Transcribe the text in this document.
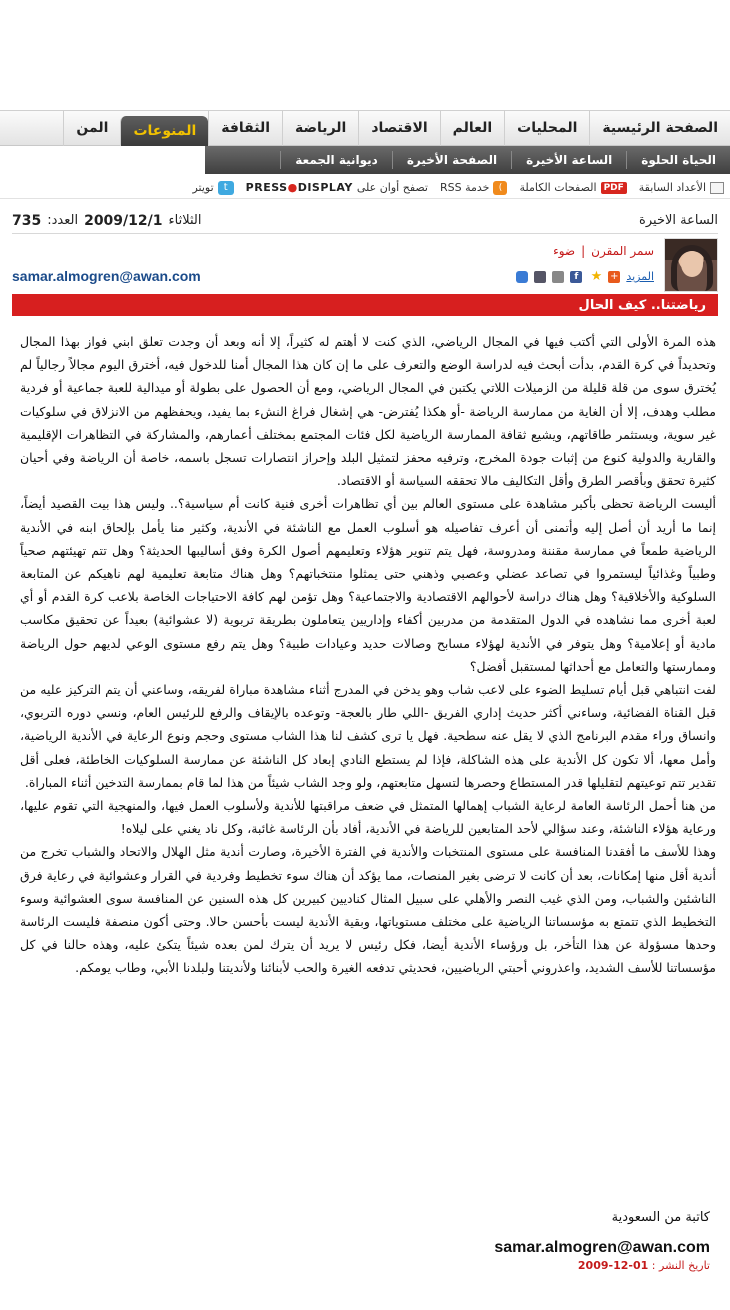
الصفحة الرئيسية
المحليات
العالم
الاقتصاد
الرياضة
الثقافة
المنوعات
المن
الحياة الحلوة
الساعة الأخيرة
الصفحة الأخيرة
ديوانية الجمعة
الأعداد السابقة
PDF
الصفحات الكاملة
)
خدمة RSS
تصفح أوان على
PRESS●DISPLAY
t
تويتر
الثلاثاء
2009/12/1
العدد:
735	الساعة الاخيرة
سمر المقرن
|
ضوء
المزيد
+
★
f
samar.almogren@awan.com
رياضتنا.. كيف الحال

هذه المرة الأولى التي أكتب فيها في المجال الرياضي، الذي كنت لا أهتم له كثيراً، إلا أنه وبعد أن وجدت تعلق ابني فواز بهذا المجال وتحديداً في كرة القدم، بدأت أبحث فيه لدراسة الوضع والتعرف على ما إن كان هذا المجال أمنا للدخول فيه، أخترق اليوم مجالاً رجالياً لم يُخترق سوى من قلة قليلة من الزميلات اللاتي يكتبن في المجال الرياضي، ومع أن الحصول على بطولة أو ميدالية للعبة جماعية أو فردية مطلب وهدف، إلا أن الغاية من ممارسة الرياضة -أو هكذا يُفترض- هي إشغال فراغ النشء بما يفيد، ويحفظهم من الانزلاق في سلوكيات غير سوية، ويستثمر طاقاتهم، ويشيع ثقافة الممارسة الرياضية لكل فئات المجتمع بمختلف أعمارهم، والمشاركة في التظاهرات الإقليمية والقارية والدولية كنوع من إثبات جودة المخرج، وترفيه محفز لتمثيل البلد وإحراز انتصارات تسجل باسمه، خاصة أن الرياضة وفي أحيان كثيرة تحقق وبأقصر الطرق وأقل التكاليف مالا تحققه السياسة أو الاقتصاد.

أليست الرياضة تحظى بأكبر مشاهدة على مستوى العالم بين أي تظاهرات أخرى فنية كانت أم سياسية؟.. وليس هذا بيت القصيد أيضاً، إنما ما أريد أن أصل إليه وأتمنى أن أعرف تفاصيله هو أسلوب العمل مع الناشئة في الأندية، وكثير منا يأمل بإلحاق ابنه في الأندية الرياضية طمعاً في ممارسة مقننة ومدروسة، فهل يتم تنوير هؤلاء وتعليمهم أصول الكرة وفق أساليبها الحديثة؟ وهل تتم تهيئتهم صحياً وطبياً وغذائياً ليستمروا في تصاعد عضلي وعصبي وذهني حتى يمثلوا منتخباتهم؟ وهل هناك متابعة تعليمية لهم ناهيكم عن المتابعة السلوكية والأخلاقية؟ وهل هناك دراسة لأحوالهم الاقتصادية والاجتماعية؟ وهل تؤمن لهم كافة الاحتياجات الخاصة بلاعب كرة القدم أو أي لعبة أخرى مما نشاهده في الدول المتقدمة من مدربين أكفاء وإداريين يتعاملون بطريقة تربوية (لا عشوائية) بعيداً عن تحقيق مكاسب مادية أو إعلامية؟ وهل يتوفر في الأندية لهؤلاء مسابح وصالات حديد وعيادات طبية؟ وهل يتم رفع مستوى الوعي لديهم حول الرياضة وممارستها والتعامل مع أحداثها لمستقبل أفضل؟

لفت انتباهي قبل أيام تسليط الضوء على لاعب شاب وهو يدخن في المدرج أثناء مشاهدة مباراة لفريقه، وساعني أن يتم التركيز عليه من قبل القناة الفضائية، وساءني أكثر حديث إداري الفريق -اللي طار بالعجة- وتوعده بالإيقاف والرفع للرئيس العام، ونسي دوره التربوي، وانساق وراء مقدم البرنامج الذي لا يقل عنه سطحية. فهل يا ترى كشف لنا هذا الشاب مستوى وحجم ونوع الرعاية في الأندية الرياضية، وأمل معها، ألا تكون كل الأندية على هذه الشاكلة، فإذا لم يستطع النادي إبعاد كل الناشئة عن ممارسة السلوكيات الخاطئة، فعلى أقل تقدير تتم توعيتهم لتقليلها قدر المستطاع وحصرها لتسهل متابعتهم، ولو وجد الشاب شيئاً من هذا لما قام بممارسة التدخين أثناء المباراة.

من هنا أحمل الرئاسة العامة لرعاية الشباب إهمالها المتمثل في ضعف مراقبتها للأندية ولأسلوب العمل فيها، والمنهجية التي تقوم عليها، ورعاية هؤلاء الناشئة، وعند سؤالي لأحد المتابعين للرياضة في الأندية، أفاد بأن الرئاسة غائبة، وكل ناد يغني على ليلاه!

وهذا للأسف ما أفقدنا المنافسة على مستوى المنتخبات والأندية في الفترة الأخيرة، وصارت أندية مثل الهلال والاتحاد والشباب تخرج من أندية أقل منها إمكانات، بعد أن كانت لا ترضى بغير المنصات، مما يؤكد أن هناك سوء تخطيط وفردية في القرار وعشوائية في رعاية فرق الناشئين والشباب، ومن الذي غيب النصر والأهلي على سبيل المثال كناديين كبيرين كل هذه السنين عن المنافسة سوى العشوائية وسوء التخطيط الذي تتمتع به مؤسساتنا الرياضية على مختلف مستوياتها، وبقية الأندية ليست بأحسن حالا. وحتى أكون منصفة فليست الرئاسة وحدها مسؤولة عن هذا التأخر، بل ورؤساء الأندية أيضا، فكل رئيس لا يريد أن يترك لمن بعده شيئاً يتكئ عليه، وهذه حالنا في كل مؤسساتنا للأسف الشديد، واعذروني أحبتي الرياضيين، فحديثي تدفعه الغيرة والحب لأبنائنا ولأنديتنا ولبلدنا الأبي، وطاب يومكم.

كاتبة من السعودية
samar.almogren@awan.com
تاريخ النشر : 01-12-2009
